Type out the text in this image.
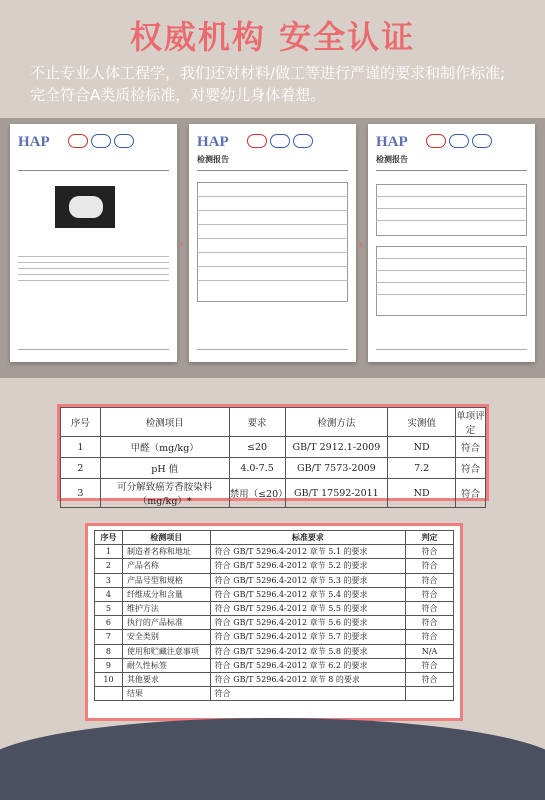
权威机构 安全认证
不止专业人体工程学，我们还对材料/做工等进行严谨的要求和制作标准;完全符合A类质检标准，对婴幼儿身体着想。
HAP
›
HAP
检测报告
›
HAP
检测报告
序号	检测项目	要求	检测方法	实测值	单项评定
1	甲醛（mg/kg）	≤20	GB/T 2912.1-2009	ND	符合
2	pH 值	4.0-7.5	GB/T 7573-2009	7.2	符合
3	可分解致癌芳香胺染料（mg/kg）*	禁用（≤20）	GB/T 17592-2011	ND	符合
序号	检测项目	标准要求	判定
1	制造者名称和地址	符合 GB/T 5296.4-2012 章节 5.1 的要求	符合
2	产品名称	符合 GB/T 5296.4-2012 章节 5.2 的要求	符合
3	产品号型和规格	符合 GB/T 5296.4-2012 章节 5.3 的要求	符合
4	纤维成分和含量	符合 GB/T 5296.4-2012 章节 5.4 的要求	符合
5	维护方法	符合 GB/T 5296.4-2012 章节 5.5 的要求	符合
6	执行的产品标准	符合 GB/T 5296.4-2012 章节 5.6 的要求	符合
7	安全类别	符合 GB/T 5296.4-2012 章节 5.7 的要求	符合
8	使用和贮藏注意事项	符合 GB/T 5296.4-2012 章节 5.8 的要求	N/A
9	耐久性标签	符合 GB/T 5296.4-2012 章节 6.2 的要求	符合
10	其他要求	符合 GB/T 5296.4-2012 章节 8 的要求	符合
	结果	符合	
